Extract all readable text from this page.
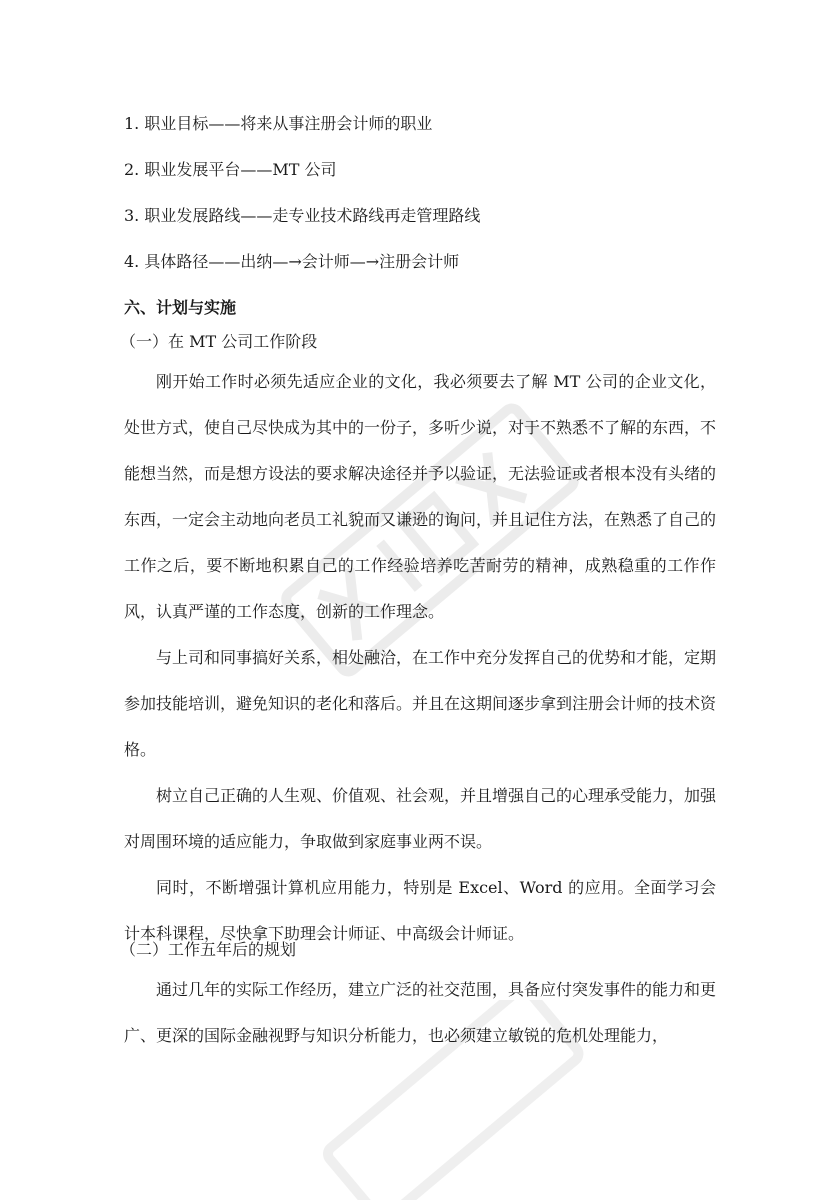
1. 职业目标——将来从事注册会计师的职业
2. 职业发展平台——MT 公司
3. 职业发展路线——走专业技术路线再走管理路线
4. 具体路径——出纳—→会计师—→注册会计师
六、计划与实施
（一）在 MT 公司工作阶段
刚开始工作时必须先适应企业的文化，我必须要去了解 MT 公司的企业文化，处世方式，使自己尽快成为其中的一份子，多听少说，对于不熟悉不了解的东西，不能想当然，而是想方设法的要求解决途径并予以验证，无法验证或者根本没有头绪的东西，一定会主动地向老员工礼貌而又谦逊的询问，并且记住方法，在熟悉了自己的工作之后，要不断地积累自己的工作经验培养吃苦耐劳的精神，成熟稳重的工作作风，认真严谨的工作态度，创新的工作理念。
与上司和同事搞好关系，相处融洽，在工作中充分发挥自己的优势和才能，定期参加技能培训，避免知识的老化和落后。并且在这期间逐步拿到注册会计师的技术资格。
树立自己正确的人生观、价值观、社会观，并且增强自己的心理承受能力，加强对周围环境的适应能力，争取做到家庭事业两不误。
同时，不断增强计算机应用能力，特别是 Excel、Word 的应用。全面学习会计本科课程，尽快拿下助理会计师证、中高级会计师证。
（二）工作五年后的规划
通过几年的实际工作经历，建立广泛的社交范围，具备应付突发事件的能力和更广、更深的国际金融视野与知识分析能力，也必须建立敏锐的危机处理能力，
